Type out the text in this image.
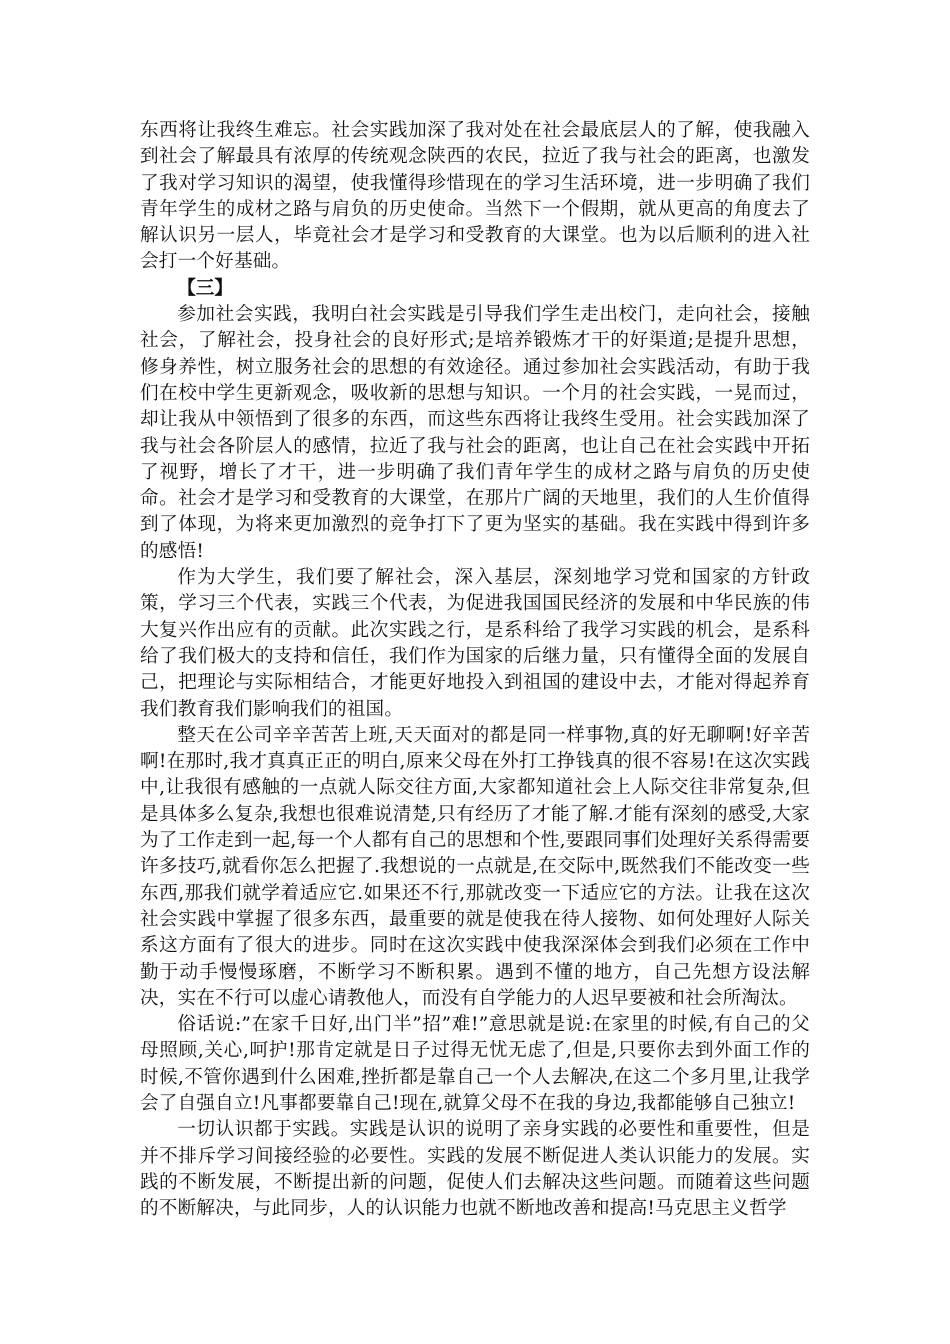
东西将让我终生难忘。社会实践加深了我对处在社会最底层人的了解，使我融入到社会了解最具有浓厚的传统观念陕西的农民，拉近了我与社会的距离，也激发了我对学习知识的渴望，使我懂得珍惜现在的学习生活环境，进一步明确了我们青年学生的成材之路与肩负的历史使命。当然下一个假期，就从更高的角度去了解认识另一层人，毕竟社会才是学习和受教育的大课堂。也为以后顺利的进入社会打一个好基础。

【三】

参加社会实践，我明白社会实践是引导我们学生走出校门，走向社会，接触社会，了解社会，投身社会的良好形式;是培养锻炼才干的好渠道;是提升思想，修身养性，树立服务社会的思想的有效途径。通过参加社会实践活动，有助于我们在校中学生更新观念，吸收新的思想与知识。一个月的社会实践，一晃而过，却让我从中领悟到了很多的东西，而这些东西将让我终生受用。社会实践加深了我与社会各阶层人的感情，拉近了我与社会的距离，也让自己在社会实践中开拓了视野，增长了才干，进一步明确了我们青年学生的成材之路与肩负的历史使命。社会才是学习和受教育的大课堂，在那片广阔的天地里，我们的人生价值得到了体现，为将来更加激烈的竞争打下了更为坚实的基础。我在实践中得到许多的感悟!

作为大学生，我们要了解社会，深入基层，深刻地学习党和国家的方针政策，学习三个代表，实践三个代表，为促进我国国民经济的发展和中华民族的伟大复兴作出应有的贡献。此次实践之行，是系科给了我学习实践的机会，是系科给了我们极大的支持和信任，我们作为国家的后继力量，只有懂得全面的发展自己，把理论与实际相结合，才能更好地投入到祖国的建设中去，才能对得起养育我们教育我们影响我们的祖国。

整天在公司辛辛苦苦上班,天天面对的都是同一样事物,真的好无聊啊!好辛苦啊!在那时,我才真真正正的明白,原来父母在外打工挣钱真的很不容易!在这次实践中,让我很有感触的一点就人际交往方面,大家都知道社会上人际交往非常复杂,但是具体多么复杂,我想也很难说清楚,只有经历了才能了解.才能有深刻的感受,大家为了工作走到一起,每一个人都有自己的思想和个性,要跟同事们处理好关系得需要许多技巧,就看你怎么把握了.我想说的一点就是,在交际中,既然我们不能改变一些东西,那我们就学着适应它.如果还不行,那就改变一下适应它的方法。让我在这次社会实践中掌握了很多东西，最重要的就是使我在待人接物、如何处理好人际关系这方面有了很大的进步。同时在这次实践中使我深深体会到我们必须在工作中勤于动手慢慢琢磨，不断学习不断积累。遇到不懂的地方，自己先想方设法解决，实在不行可以虚心请教他人，而没有自学能力的人迟早要被和社会所淘汰。

俗话说:”在家千日好,出门半”招”难!”意思就是说:在家里的时候,有自己的父母照顾,关心,呵护!那肯定就是日子过得无忧无虑了,但是,只要你去到外面工作的时候,不管你遇到什么困难,挫折都是靠自己一个人去解决,在这二个多月里,让我学会了自强自立!凡事都要靠自己!现在,就算父母不在我的身边,我都能够自己独立!

一切认识都于实践。实践是认识的说明了亲身实践的必要性和重要性，但是并不排斥学习间接经验的必要性。实践的发展不断促进人类认识能力的发展。实践的不断发展，不断提出新的问题，促使人们去解决这些问题。而随着这些问题的不断解决，与此同步，人的认识能力也就不断地改善和提高!马克思主义哲学
